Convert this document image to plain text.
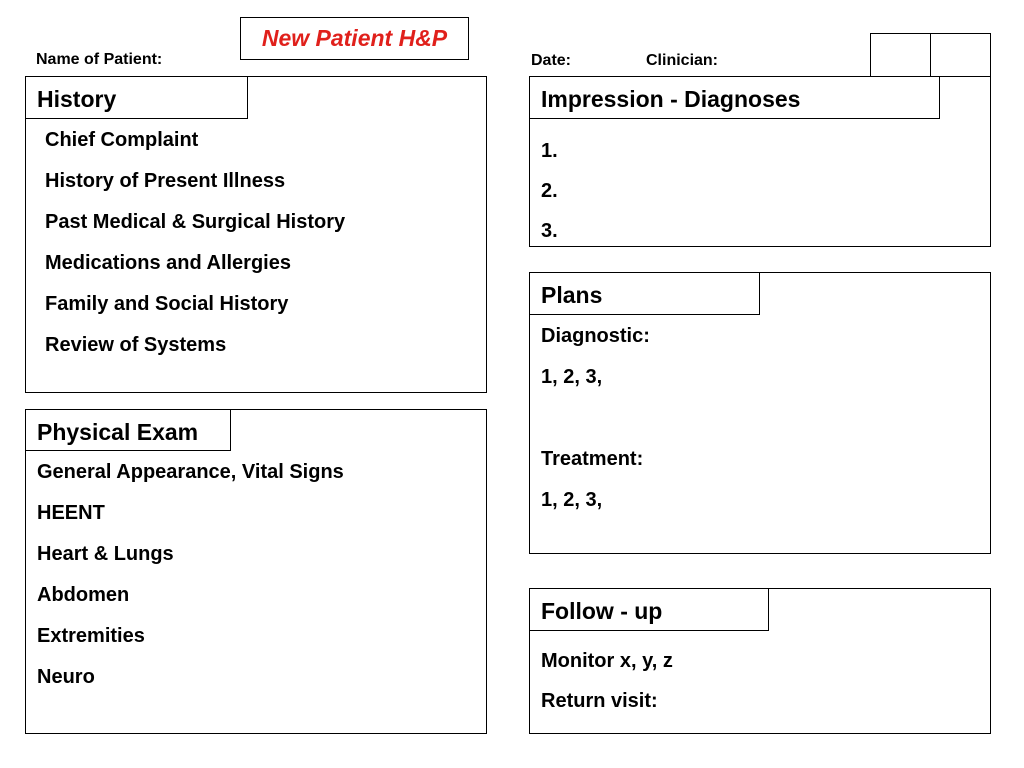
New Patient H&P
Name of Patient:	Date:	Clinician:
Chief Complaint
History of Present Illness
Past Medical & Surgical History
Medications and Allergies
Family and Social History
Review of Systems
History
General Appearance, Vital Signs
HEENT
Heart & Lungs
Abdomen
Extremities
Neuro
Physical Exam
1.
2.
3.
Impression - Diagnoses
Diagnostic:
1, 2, 3,
Treatment:
1, 2, 3,
Plans
Monitor x, y, z
Return visit:
Follow - up
